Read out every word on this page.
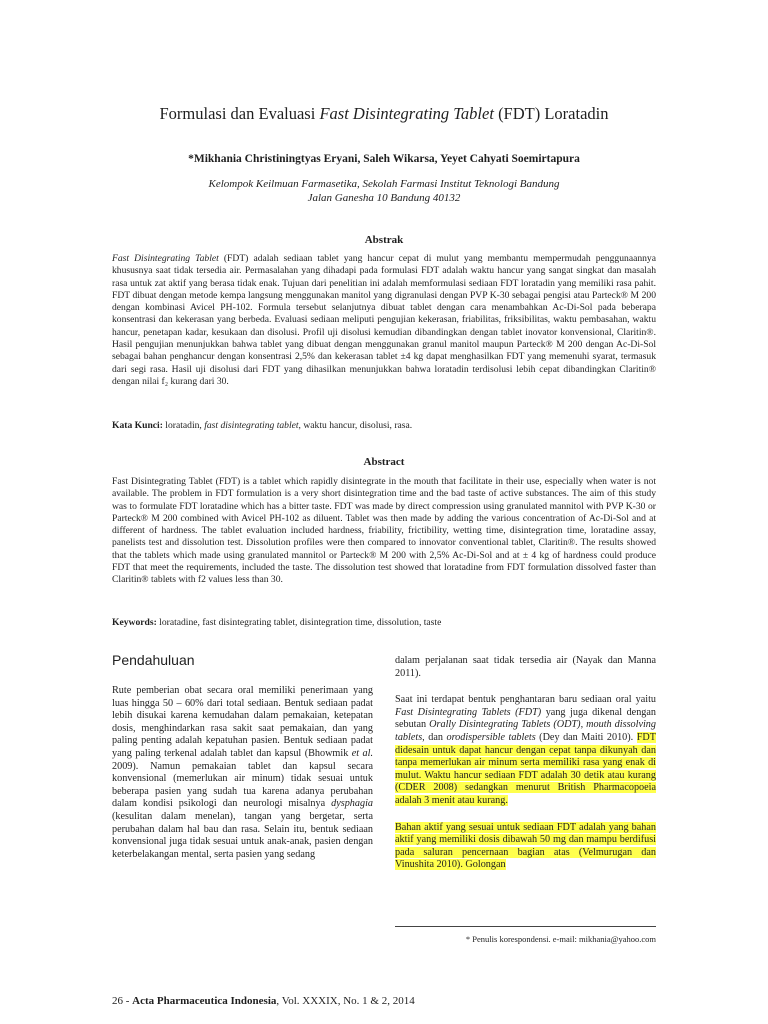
Formulasi dan Evaluasi Fast Disintegrating Tablet (FDT) Loratadin
*Mikhania Christiningtyas Eryani, Saleh Wikarsa, Yeyet Cahyati Soemirtapura
Kelompok Keilmuan Farmasetika, Sekolah Farmasi Institut Teknologi Bandung
Jalan Ganesha 10 Bandung 40132
Abstrak
Fast Disintegrating Tablet (FDT) adalah sediaan tablet yang hancur cepat di mulut yang membantu mempermudah penggunaannya khususnya saat tidak tersedia air. Permasalahan yang dihadapi pada formulasi FDT adalah waktu hancur yang sangat singkat dan masalah rasa untuk zat aktif yang berasa tidak enak. Tujuan dari penelitian ini adalah memformulasi sediaan FDT loratadin yang memiliki rasa pahit. FDT dibuat dengan metode kempa langsung menggunakan manitol yang digranulasi dengan PVP K-30 sebagai pengisi atau Parteck® M 200 dengan kombinasi Avicel PH-102. Formula tersebut selanjutnya dibuat tablet dengan cara menambahkan Ac-Di-Sol pada beberapa konsentrasi dan kekerasan yang berbeda. Evaluasi sediaan meliputi pengujian kekerasan, friabilitas, friksibilitas, waktu pembasahan, waktu hancur, penetapan kadar, kesukaan dan disolusi. Profil uji disolusi kemudian dibandingkan dengan tablet inovator konvensional, Claritin®. Hasil pengujian menunjukkan bahwa tablet yang dibuat dengan menggunakan granul manitol maupun Parteck® M 200 dengan Ac-Di-Sol sebagai bahan penghancur dengan konsentrasi 2,5% dan kekerasan tablet ±4 kg dapat menghasilkan FDT yang memenuhi syarat, termasuk dari segi rasa. Hasil uji disolusi dari FDT yang dihasilkan menunjukkan bahwa loratadin terdisolusi lebih cepat dibandingkan Claritin® dengan nilai f₂ kurang dari 30.
Kata Kunci: loratadin, fast disintegrating tablet, waktu hancur, disolusi, rasa.
Abstract
Fast Disintegrating Tablet (FDT) is a tablet which rapidly disintegrate in the mouth that facilitate in their use, especially when water is not available. The problem in FDT formulation is a very short disintegration time and the bad taste of active substances. The aim of this study was to formulate FDT loratadine which has a bitter taste. FDT was made by direct compression using granulated mannitol with PVP K-30 or Parteck® M 200 combined with Avicel PH-102 as diluent. Tablet was then made by adding the various concentration of Ac-Di-Sol and at different of hardness. The tablet evaluation included hardness, friability, frictibility, wetting time, disintegration time, loratadine assay, panelists test and dissolution test. Dissolution profiles were then compared to innovator conventional tablet, Claritin®. The results showed that the tablets which made using granulated mannitol or Parteck® M 200 with 2,5% Ac-Di-Sol and at ± 4 kg of hardness could produce FDT that meet the requirements, included the taste. The dissolution test showed that loratadine from FDT formulation dissolved faster than Claritin® tablets with f2 values less than 30.
Keywords: loratadine, fast disintegrating tablet, disintegration time, dissolution, taste
Pendahuluan
Rute pemberian obat secara oral memiliki penerimaan yang luas hingga 50 – 60% dari total sediaan. Bentuk sediaan padat lebih disukai karena kemudahan dalam pemakaian, ketepatan dosis, menghindarkan rasa sakit saat pemakaian, dan yang paling penting adalah kepatuhan pasien. Bentuk sediaan padat yang paling terkenal adalah tablet dan kapsul (Bhowmik et al. 2009). Namun pemakaian tablet dan kapsul secara konvensional (memerlukan air minum) tidak sesuai untuk beberapa pasien yang sudah tua karena adanya perubahan dalam kondisi psikologi dan neurologi misalnya dysphagia (kesulitan dalam menelan), tangan yang bergetar, serta perubahan dalam hal bau dan rasa. Selain itu, bentuk sediaan konvensional juga tidak sesuai untuk anak-anak, pasien dengan keterbelakangan mental, serta pasien yang sedang
dalam perjalanan saat tidak tersedia air (Nayak dan Manna 2011).
Saat ini terdapat bentuk penghantaran baru sediaan oral yaitu Fast Disintegrating Tablets (FDT) yang juga dikenal dengan sebutan Orally Disintegrating Tablets (ODT), mouth dissolving tablets, dan orodispersible tablets (Dey dan Maiti 2010). FDT didesain untuk dapat hancur dengan cepat tanpa dikunyah dan tanpa memerlukan air minum serta memiliki rasa yang enak di mulut. Waktu hancur sediaan FDT adalah 30 detik atau kurang (CDER 2008) sedangkan menurut British Pharmacopoeia adalah 3 menit atau kurang.
Bahan aktif yang sesuai untuk sediaan FDT adalah yang bahan aktif yang memiliki dosis dibawah 50 mg dan mampu berdifusi pada saluran pencernaan bagian atas (Velmurugan dan Vinushita 2010). Golongan
* Penulis korespondensi. e-mail: mikhania@yahoo.com
26 - Acta Pharmaceutica Indonesia, Vol. XXXIX, No. 1 & 2, 2014
